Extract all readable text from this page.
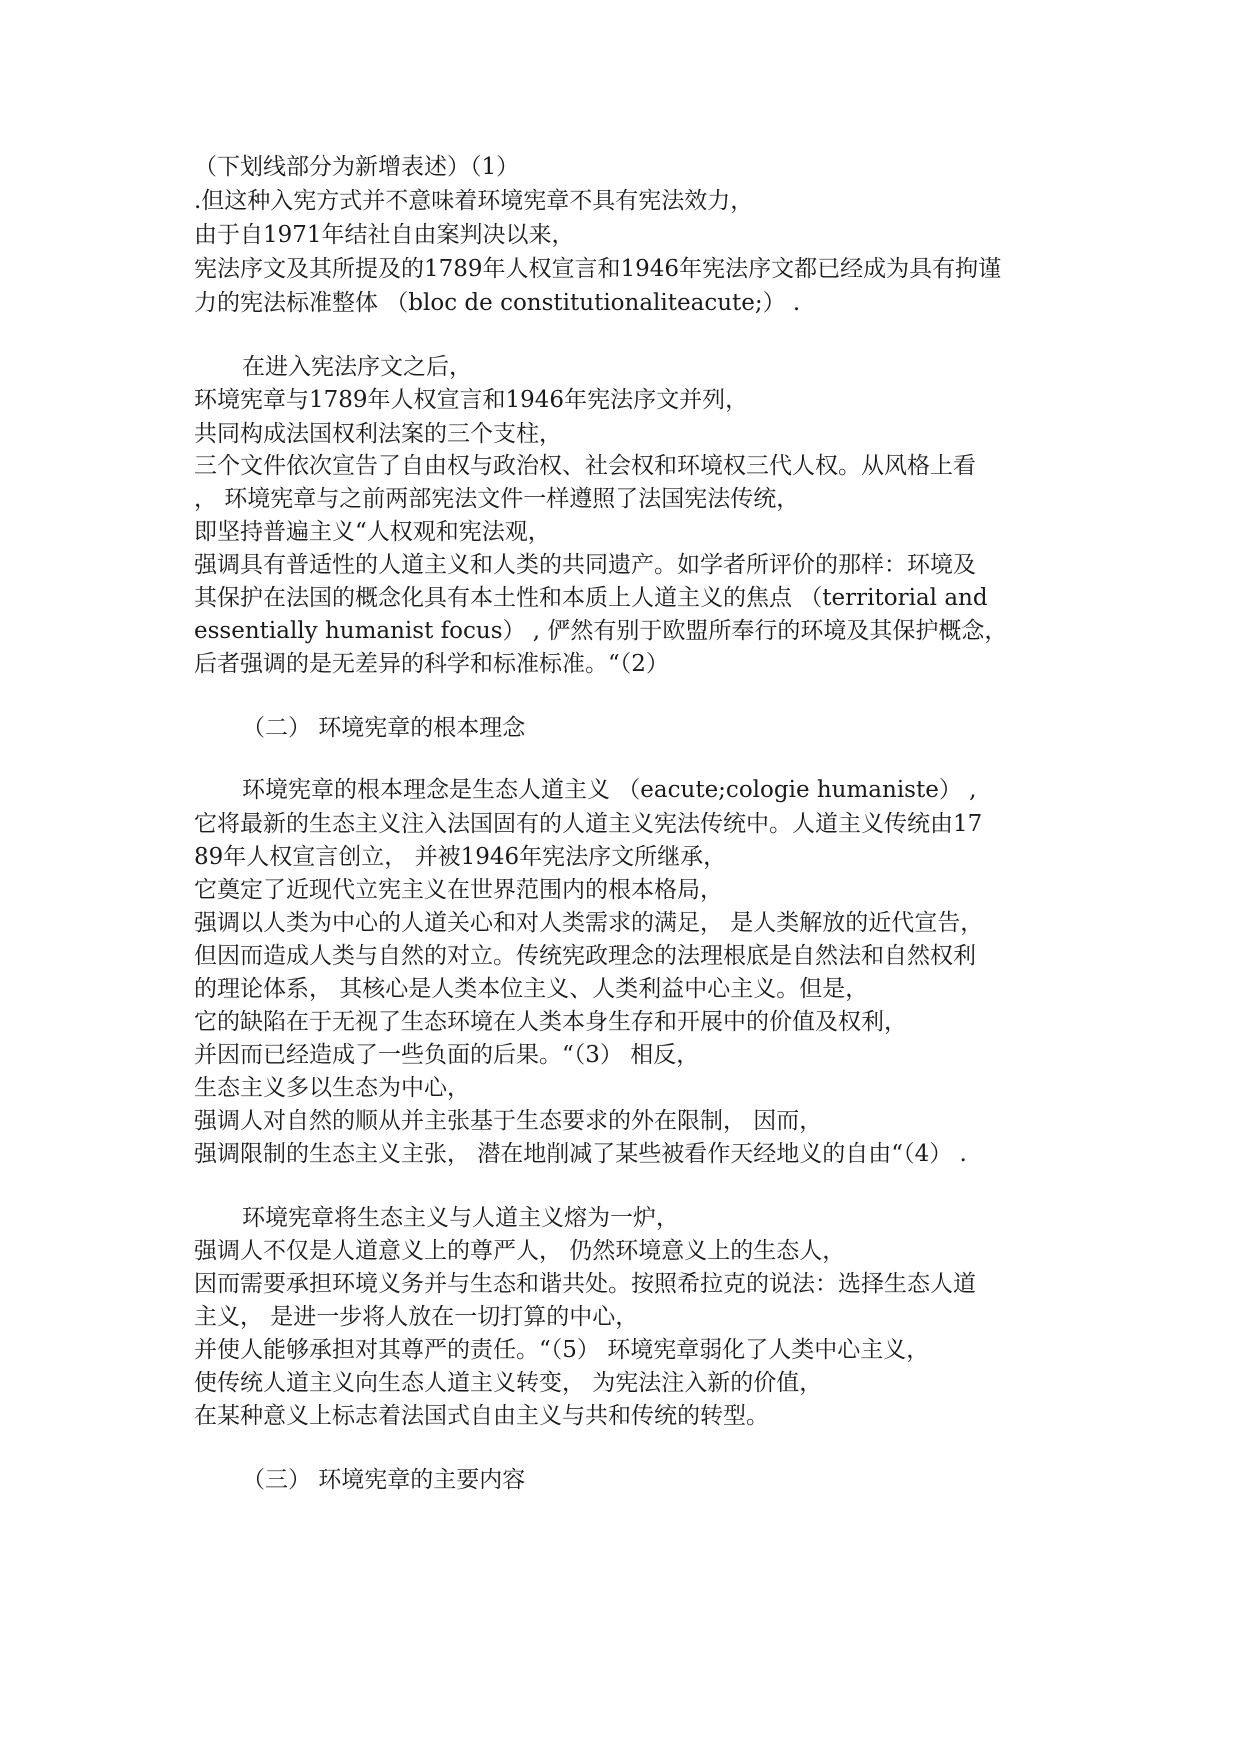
（下划线部分为新增表述）（1）
.但这种入宪方式并不意味着环境宪章不具有宪法效力，
由于自1971年结社自由案判决以来，
宪法序文及其所提及的1789年人权宣言和1946年宪法序文都已经成为具有拘谨
力的宪法标准整体 （bloc de constitutionaliteacute;） .
在进入宪法序文之后，
环境宪章与1789年人权宣言和1946年宪法序文并列，
共同构成法国权利法案的三个支柱，
三个文件依次宣告了自由权与政治权、社会权和环境权三代人权。从风格上看
， 环境宪章与之前两部宪法文件一样遵照了法国宪法传统，
即坚持普遍主义“人权观和宪法观，
强调具有普适性的人道主义和人类的共同遗产。如学者所评价的那样：环境及
其保护在法国的概念化具有本土性和本质上人道主义的焦点 （territorial and
essentially humanist focus） , 俨然有别于欧盟所奉行的环境及其保护概念，
后者强调的是无差异的科学和标准标准。“（2）
（二） 环境宪章的根本理念
环境宪章的根本理念是生态人道主义 （eacute;cologie humaniste） ,
它将最新的生态主义注入法国固有的人道主义宪法传统中。人道主义传统由17
89年人权宣言创立， 并被1946年宪法序文所继承，
它奠定了近现代立宪主义在世界范围内的根本格局，
强调以人类为中心的人道关心和对人类需求的满足， 是人类解放的近代宣告，
但因而造成人类与自然的对立。传统宪政理念的法理根底是自然法和自然权利
的理论体系， 其核心是人类本位主义、人类利益中心主义。但是，
它的缺陷在于无视了生态环境在人类本身生存和开展中的价值及权利，
并因而已经造成了一些负面的后果。“（3） 相反，
生态主义多以生态为中心，
强调人对自然的顺从并主张基于生态要求的外在限制， 因而，
强调限制的生态主义主张， 潜在地削减了某些被看作天经地义的自由“（4） .
环境宪章将生态主义与人道主义熔为一炉，
强调人不仅是人道意义上的尊严人， 仍然环境意义上的生态人，
因而需要承担环境义务并与生态和谐共处。按照希拉克的说法：选择生态人道
主义， 是进一步将人放在一切打算的中心，
并使人能够承担对其尊严的责任。“（5） 环境宪章弱化了人类中心主义，
使传统人道主义向生态人道主义转变， 为宪法注入新的价值，
在某种意义上标志着法国式自由主义与共和传统的转型。
（三） 环境宪章的主要内容
